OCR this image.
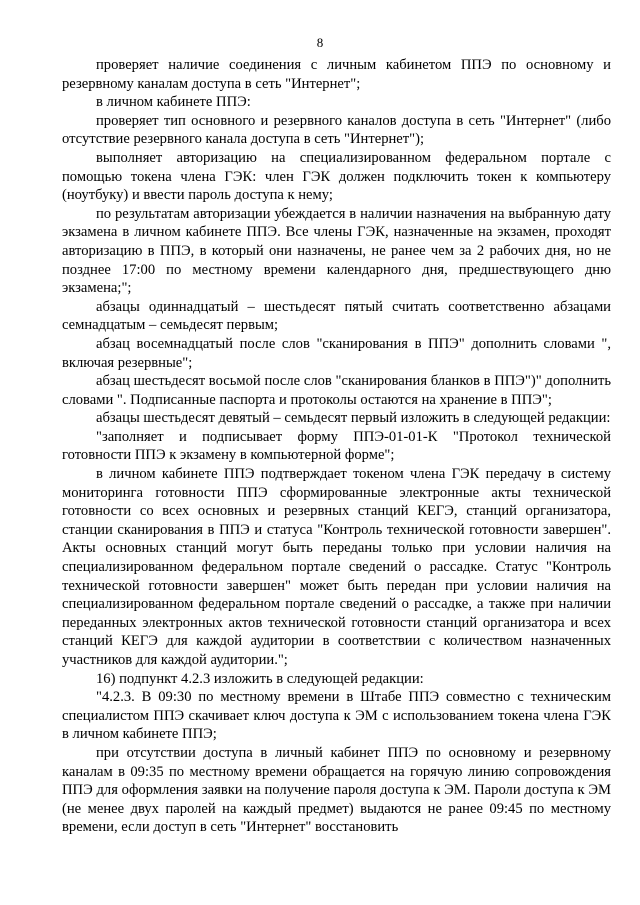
8

проверяет наличие соединения с личным кабинетом ППЭ по основному и резервному каналам доступа в сеть "Интернет";

в личном кабинете ППЭ:

проверяет тип основного и резервного каналов доступа в сеть "Интернет" (либо отсутствие резервного канала доступа в сеть "Интернет");

выполняет авторизацию на специализированном федеральном портале с помощью токена члена ГЭК: член ГЭК должен подключить токен к компьютеру (ноутбуку) и ввести пароль доступа к нему;

по результатам авторизации убеждается в наличии назначения на выбранную дату экзамена в личном кабинете ППЭ. Все члены ГЭК, назначенные на экзамен, проходят авторизацию в ППЭ, в который они назначены, не ранее чем за 2 рабочих дня, но не позднее 17:00 по местному времени календарного дня, предшествующего дню экзамена;";

абзацы одиннадцатый – шестьдесят пятый считать соответственно абзацами семнадцатым – семьдесят первым;

абзац восемнадцатый после слов "сканирования в ППЭ" дополнить словами ", включая резервные";

абзац шестьдесят восьмой после слов "сканирования бланков в ППЭ")" дополнить словами ". Подписанные паспорта и протоколы остаются на хранение в ППЭ";

абзацы шестьдесят девятый – семьдесят первый изложить в следующей редакции:

"заполняет и подписывает форму ППЭ-01-01-К "Протокол технической готовности ППЭ к экзамену в компьютерной форме";

в личном кабинете ППЭ подтверждает токеном члена ГЭК передачу в систему мониторинга готовности ППЭ сформированные электронные акты технической готовности со всех основных и резервных станций КЕГЭ, станций организатора, станции сканирования в ППЭ и статуса "Контроль технической готовности завершен". Акты основных станций могут быть переданы только при условии наличия на специализированном федеральном портале сведений о рассадке. Статус "Контроль технической готовности завершен" может быть передан при условии наличия на специализированном федеральном портале сведений о рассадке, а также при наличии переданных электронных актов технической готовности станций организатора и всех станций КЕГЭ для каждой аудитории в соответствии с количеством назначенных участников для каждой аудитории.";

16) подпункт 4.2.3 изложить в следующей редакции:

"4.2.3. В 09:30 по местному времени в Штабе ППЭ совместно с техническим специалистом ППЭ скачивает ключ доступа к ЭМ с использованием токена члена ГЭК в личном кабинете ППЭ;

при отсутствии доступа в личный кабинет ППЭ по основному и резервному каналам в 09:35 по местному времени обращается на горячую линию сопровождения ППЭ для оформления заявки на получение пароля доступа к ЭМ. Пароли доступа к ЭМ (не менее двух паролей на каждый предмет) выдаются не ранее 09:45 по местному времени, если доступ в сеть "Интернет" восстановить
